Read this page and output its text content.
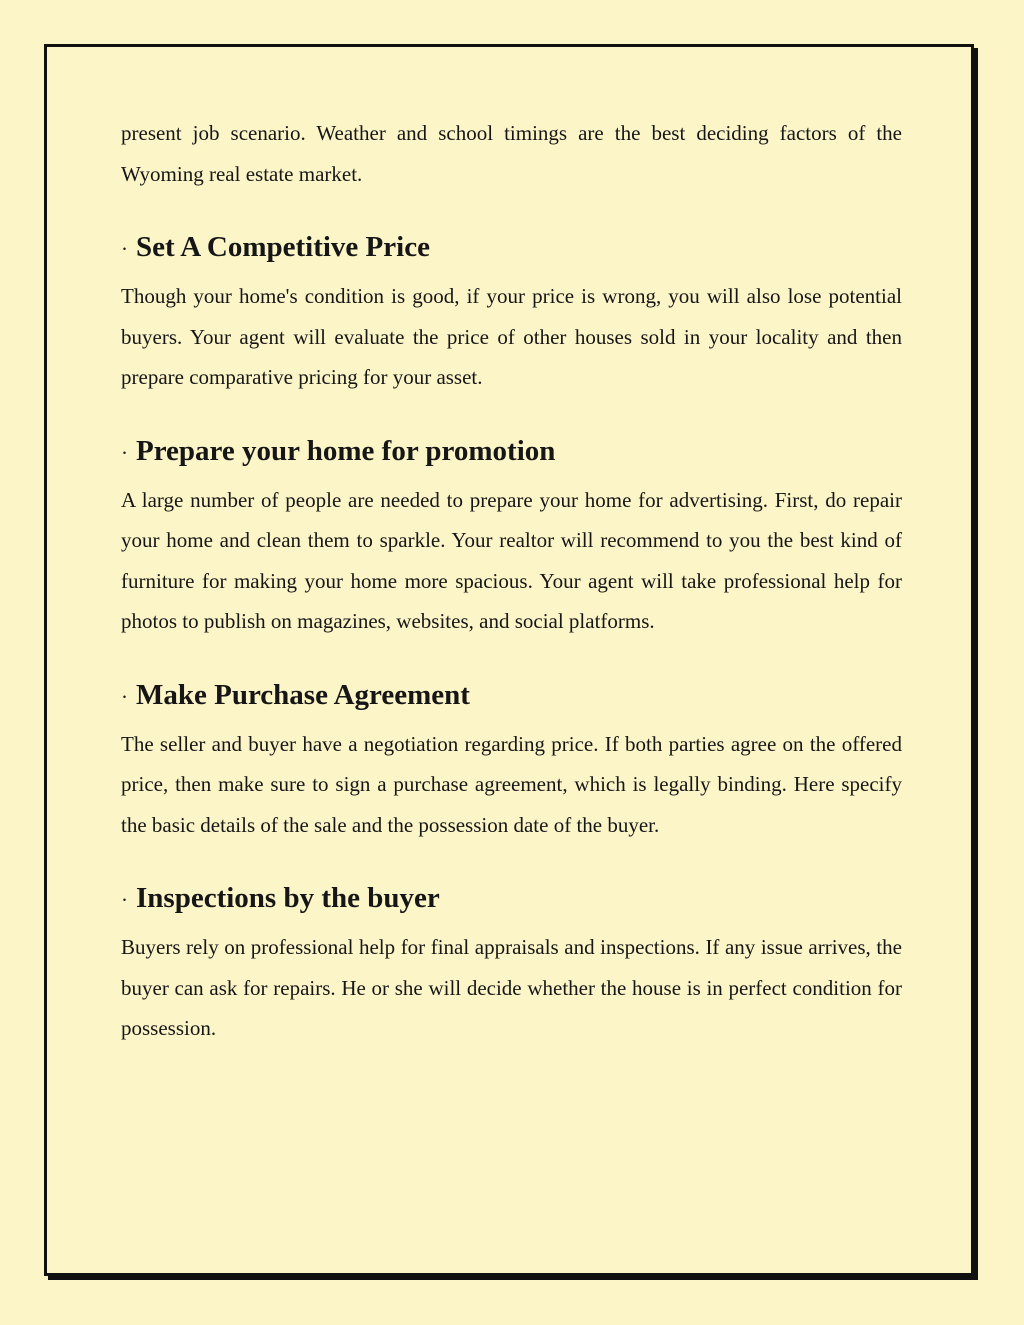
present job scenario. Weather and school timings are the best deciding factors of the Wyoming real estate market.

· Set A Competitive Price

Though your home's condition is good, if your price is wrong, you will also lose potential buyers. Your agent will evaluate the price of other houses sold in your locality and then prepare comparative pricing for your asset.

· Prepare your home for promotion

A large number of people are needed to prepare your home for advertising. First, do repair your home and clean them to sparkle. Your realtor will recommend to you the best kind of furniture for making your home more spacious. Your agent will take professional help for photos to publish on magazines, websites, and social platforms.

· Make Purchase Agreement

The seller and buyer have a negotiation regarding price. If both parties agree on the offered price, then make sure to sign a purchase agreement, which is legally binding. Here specify the basic details of the sale and the possession date of the buyer.

· Inspections by the buyer

Buyers rely on professional help for final appraisals and inspections. If any issue arrives, the buyer can ask for repairs. He or she will decide whether the house is in perfect condition for possession.
